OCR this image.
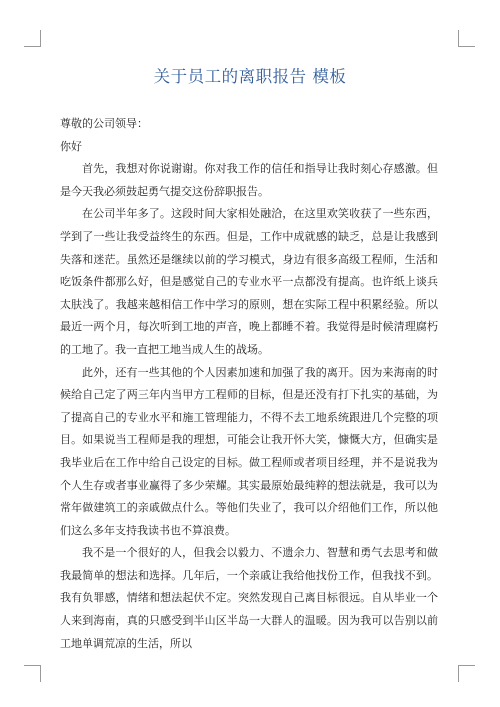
关于员工的离职报告 模板

尊敬的公司领导：

你好

首先，我想对你说谢谢。你对我工作的信任和指导让我时刻心存感激。但是今天我必须鼓起勇气提交这份辞职报告。

在公司半年多了。这段时间大家相处融洽，在这里欢笑收获了一些东西，学到了一些让我受益终生的东西。但是，工作中成就感的缺乏，总是让我感到失落和迷茫。虽然还是继续以前的学习模式，身边有很多高级工程师，生活和吃饭条件都那么好，但是感觉自己的专业水平一点都没有提高。也许纸上谈兵太肤浅了。我越来越相信工作中学习的原则，想在实际工程中积累经验。所以最近一两个月，每次听到工地的声音，晚上都睡不着。我觉得是时候清理腐朽的工地了。我一直把工地当成人生的战场。

此外，还有一些其他的个人因素加速和加强了我的离开。因为来海南的时候给自己定了两三年内当甲方工程师的目标，但是还没有打下扎实的基础，为了提高自己的专业水平和施工管理能力，不得不去工地系统跟进几个完整的项目。如果说当工程师是我的理想，可能会让我开怀大笑，慷慨大方，但确实是我毕业后在工作中给自己设定的目标。做工程师或者项目经理，并不是说我为个人生存或者事业赢得了多少荣耀。其实最原始最纯粹的想法就是，我可以为常年做建筑工的亲戚做点什么。等他们失业了，我可以介绍他们工作，所以他们这么多年支持我读书也不算浪费。

我不是一个很好的人，但我会以毅力、不遗余力、智慧和勇气去思考和做我最简单的想法和选择。几年后，一个亲戚让我给他找份工作，但我找不到。我有负罪感，情绪和想法起伏不定。突然发现自己离目标很远。自从毕业一个人来到海南，真的只感受到半山区半岛一大群人的温暖。因为我可以告别以前工地单调荒凉的生活，所以
